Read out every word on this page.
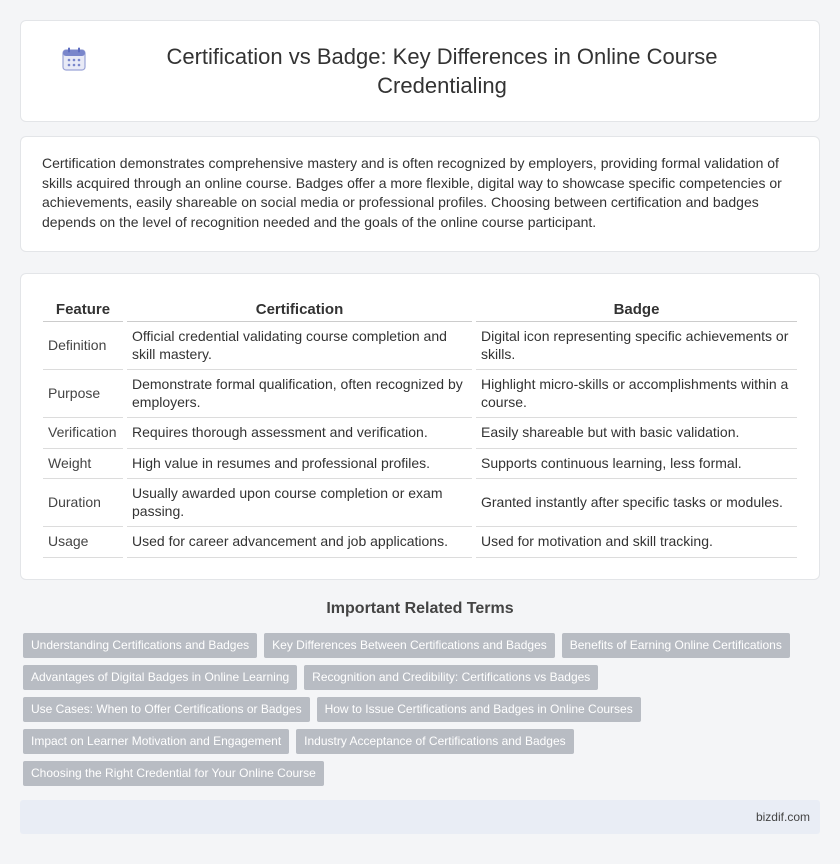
Certification vs Badge: Key Differences in Online Course Credentialing

Certification demonstrates comprehensive mastery and is often recognized by employers, providing formal validation of skills acquired through an online course. Badges offer a more flexible, digital way to showcase specific competencies or achievements, easily shareable on social media or professional profiles. Choosing between certification and badges depends on the level of recognition needed and the goals of the online course participant.

Feature	Certification	Badge
Definition	Official credential validating course completion and skill mastery.	Digital icon representing specific achievements or skills.
Purpose	Demonstrate formal qualification, often recognized by employers.	Highlight micro-skills or accomplishments within a course.
Verification	Requires thorough assessment and verification.	Easily shareable but with basic validation.
Weight	High value in resumes and professional profiles.	Supports continuous learning, less formal.
Duration	Usually awarded upon course completion or exam passing.	Granted instantly after specific tasks or modules.
Usage	Used for career advancement and job applications.	Used for motivation and skill tracking.
Important Related Terms
Understanding Certifications and Badges	Key Differences Between Certifications and Badges	Benefits of Earning Online Certifications
Advantages of Digital Badges in Online Learning	Recognition and Credibility: Certifications vs Badges
Use Cases: When to Offer Certifications or Badges	How to Issue Certifications and Badges in Online Courses
Impact on Learner Motivation and Engagement	Industry Acceptance of Certifications and Badges
Choosing the Right Credential for Your Online Course
bizdif.com
